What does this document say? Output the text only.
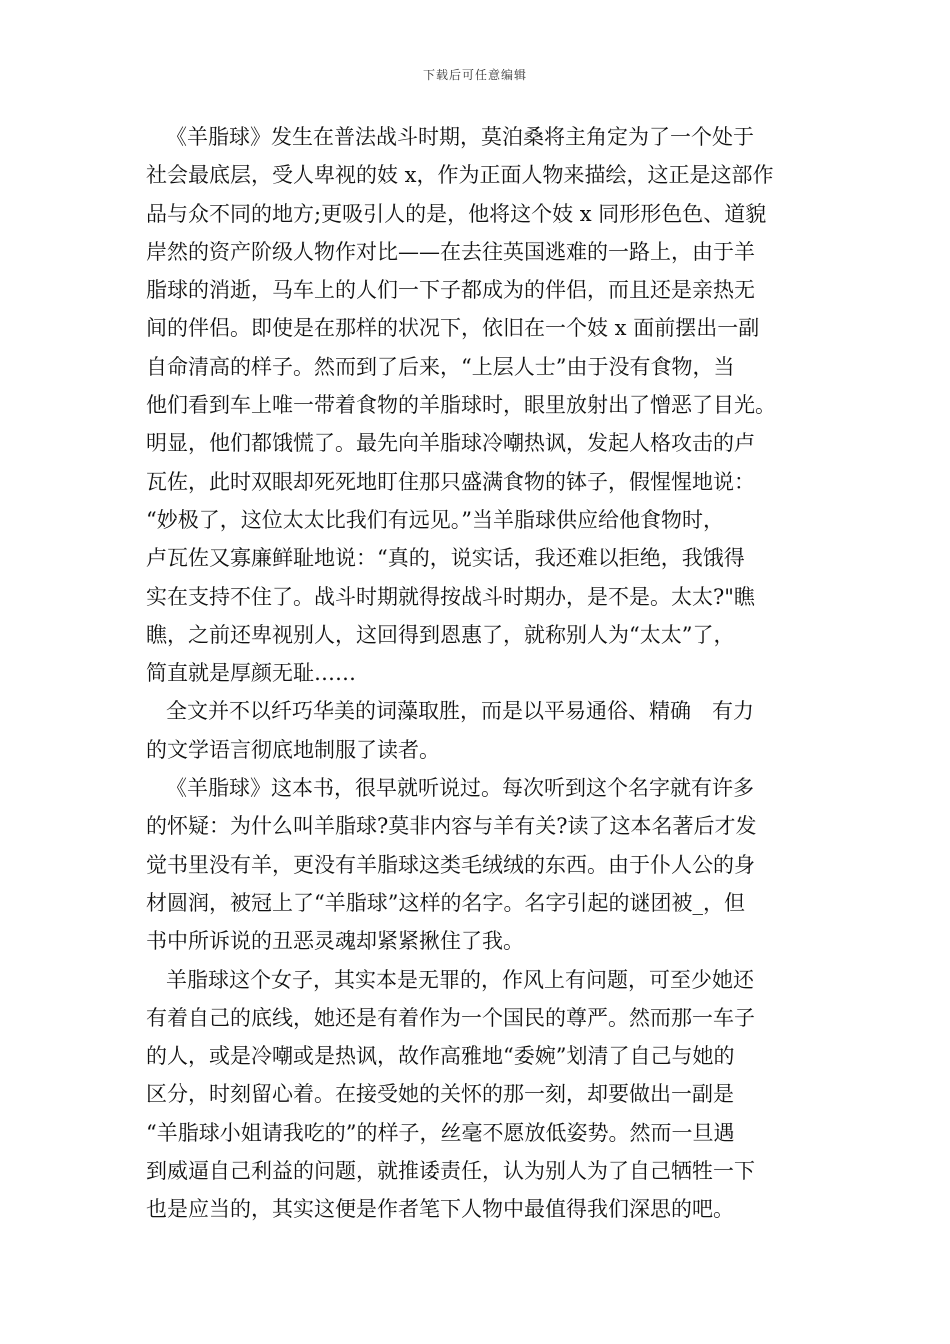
下载后可任意编辑
《羊脂球》发生在普法战斗时期，莫泊桑将主角定为了一个处于
社会最底层，受人卑视的妓 x，作为正面人物来描绘，这正是这部作
品与众不同的地方;更吸引人的是，他将这个妓 x 同形形色色、道貌
岸然的资产阶级人物作对比——在去往英国逃难的一路上，由于羊
脂球的消逝，马车上的人们一下子都成为的伴侣，而且还是亲热无
间的伴侣。即使是在那样的状况下，依旧在一个妓 x 面前摆出一副
自命清高的样子。然而到了后来，“上层人士”由于没有食物，当
他们看到车上唯一带着食物的羊脂球时，眼里放射出了憎恶了目光。
明显，他们都饿慌了。最先向羊脂球冷嘲热讽，发起人格攻击的卢
瓦佐，此时双眼却死死地盯住那只盛满食物的钵子，假惺惺地说：
“妙极了，这位太太比我们有远见。”当羊脂球供应给他食物时，
卢瓦佐又寡廉鲜耻地说：“真的，说实话，我还难以拒绝，我饿得
实在支持不住了。战斗时期就得按战斗时期办，是不是。太太?"瞧
瞧，之前还卑视别人，这回得到恩惠了，就称别人为“太太”了，
简直就是厚颜无耻……
全文并不以纤巧华美的词藻取胜，而是以平易通俗、精确　有力
的文学语言彻底地制服了读者。
《羊脂球》这本书，很早就听说过。每次听到这个名字就有许多
的怀疑：为什么叫羊脂球?莫非内容与羊有关?读了这本名著后才发
觉书里没有羊，更没有羊脂球这类毛绒绒的东西。由于仆人公的身
材圆润，被冠上了“羊脂球”这样的名字。名字引起的谜团被_，但
书中所诉说的丑恶灵魂却紧紧揪住了我。
羊脂球这个女子，其实本是无罪的，作风上有问题，可至少她还
有着自己的底线，她还是有着作为一个国民的尊严。然而那一车子
的人，或是冷嘲或是热讽，故作高雅地“委婉”划清了自己与她的
区分，时刻留心着。在接受她的关怀的那一刻，却要做出一副是
“羊脂球小姐请我吃的”的样子，丝毫不愿放低姿势。然而一旦遇
到威逼自己利益的问题，就推诿责任，认为别人为了自己牺牲一下
也是应当的，其实这便是作者笔下人物中最值得我们深思的吧。
